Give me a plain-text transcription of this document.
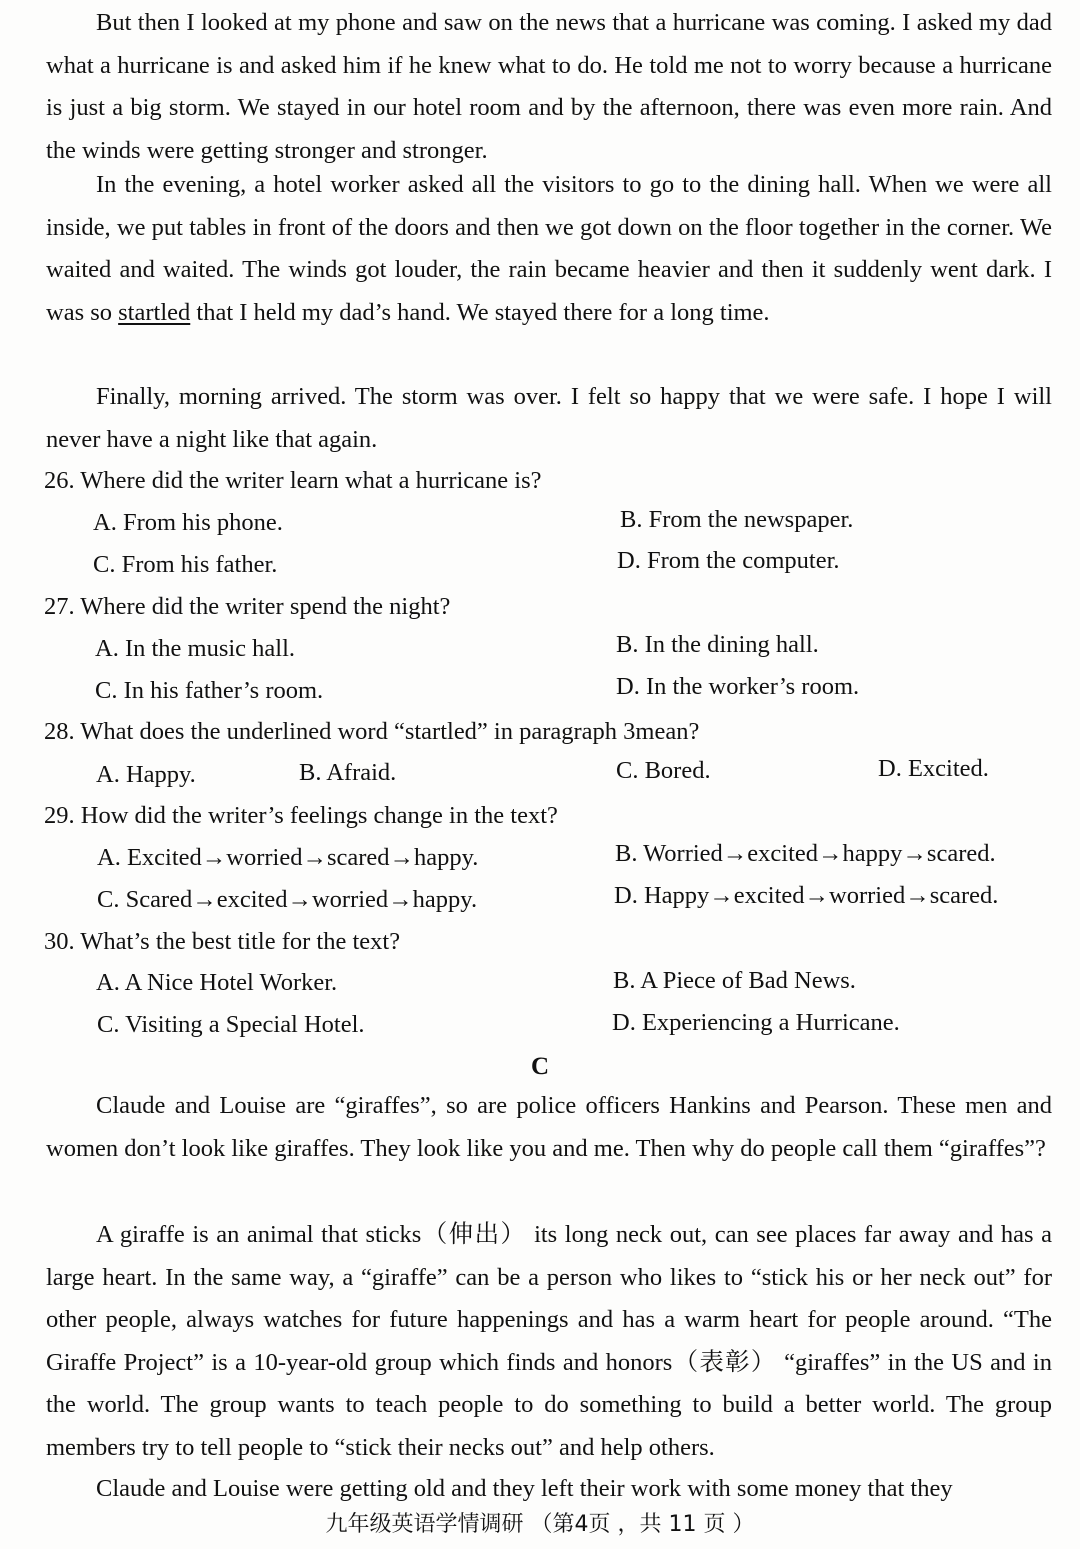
But then I looked at my phone and saw on the news that a hurricane was coming. I asked my dad what a hurricane is and asked him if he knew what to do. He told me not to worry because a hurricane is just a big storm. We stayed in our hotel room and by the afternoon, there was even more rain. And the winds were getting stronger and stronger.

In the evening, a hotel worker asked all the visitors to go to the dining hall. When we were all inside, we put tables in front of the doors and then we got down on the floor together in the corner. We waited and waited. The winds got louder, the rain became heavier and then it suddenly went dark. I was so startled that I held my dad’s hand. We stayed there for a long time.

Finally, morning arrived. The storm was over. I felt so happy that we were safe. I hope I will never have a night like that again.

26. Where did the writer learn what a hurricane is?
A. From his phone.	B. From the newspaper.
C. From his father.	D. From the computer.
27. Where did the writer spend the night?
A. In the music hall.	B. In the dining hall.
C. In his father’s room.	D. In the worker’s room.
28. What does the underlined word “startled” in paragraph 3mean?
A. Happy.	B. Afraid.	C. Bored.	D. Excited.
29. How did the writer’s feelings change in the text?
A. Excited→worried→scared→happy.	B. Worried→excited→happy→scared.
C. Scared→excited→worried→happy.	D. Happy→excited→worried→scared.
30. What’s the best title for the text?
A. A Nice Hotel Worker.	B. A Piece of Bad News.
C. Visiting a Special Hotel.	D. Experiencing a Hurricane.
C

Claude and Louise are “giraffes”, so are police officers Hankins and Pearson. These men and women don’t look like giraffes. They look like you and me. Then why do people call them “giraffes”?

A giraffe is an animal that sticks（伸出） its long neck out, can see places far away and has a large heart. In the same way, a “giraffe” can be a person who likes to “stick his or her neck out” for other people, always watches for future happenings and has a warm heart for people around. “The Giraffe Project” is a 10-year-old group which finds and honors（表彰） “giraffes” in the US and in the world. The group wants to teach people to do something to build a better world. The group members try to tell people to “stick their necks out” and help others.

Claude and Louise were getting old and they left their work with some money that they

九年级英语学情调研 （第4页 ，共 11 页 ）
